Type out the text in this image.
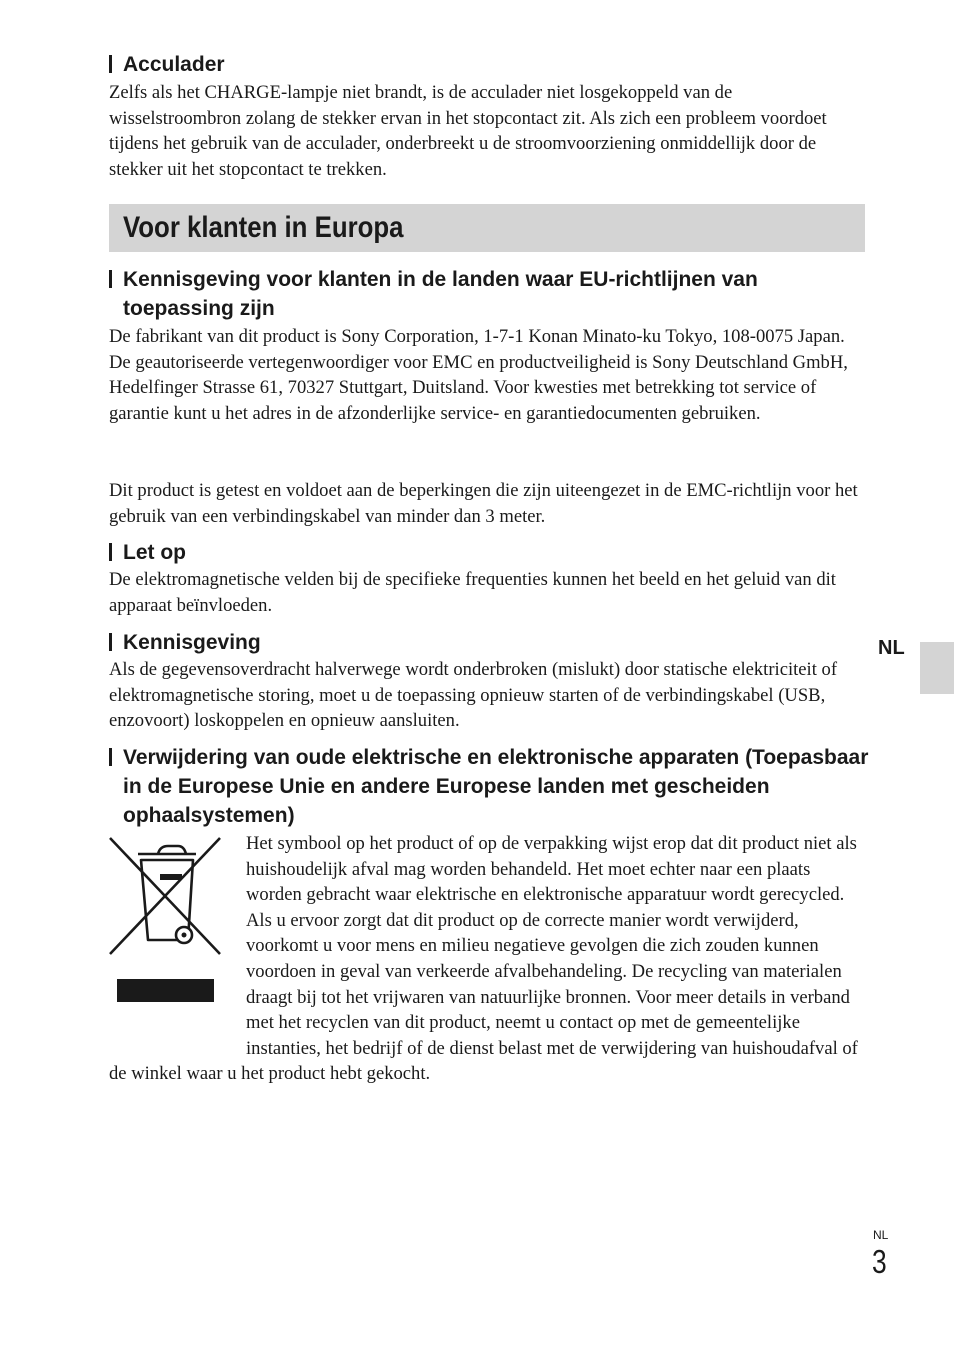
Acculader

Zelfs als het CHARGE-lampje niet brandt, is de acculader niet losgekoppeld van de wisselstroombron zolang de stekker ervan in het stopcontact zit. Als zich een probleem voordoet tijdens het gebruik van de acculader, onderbreekt u de stroomvoorziening onmiddellijk door de stekker uit het stopcontact te trekken.

Voor klanten in Europa
Kennisgeving voor klanten in de landen waar EU-richtlijnen van toepassing zijn

De fabrikant van dit product is Sony Corporation, 1-7-1 Konan Minato-ku Tokyo, 108-0075 Japan. De geautoriseerde vertegenwoordiger voor EMC en productveiligheid is Sony Deutschland GmbH, Hedelfinger Strasse 61, 70327 Stuttgart, Duitsland. Voor kwesties met betrekking tot service of garantie kunt u het adres in de afzonderlijke service- en garantiedocumenten gebruiken.

Dit product is getest en voldoet aan de beperkingen die zijn uiteengezet in de EMC-richtlijn voor het gebruik van een verbindingskabel van minder dan 3 meter.

Let op

De elektromagnetische velden bij de specifieke frequenties kunnen het beeld en het geluid van dit apparaat beïnvloeden.

Kennisgeving

Als de gegevensoverdracht halverwege wordt onderbroken (mislukt) door statische elektriciteit of elektromagnetische storing, moet u de toepassing opnieuw starten of de verbindingskabel (USB, enzovoort) loskoppelen en opnieuw aansluiten.

Verwijdering van oude elektrische en elektronische apparaten (Toepasbaar in de Europese Unie en andere Europese landen met gescheiden ophaalsystemen)
Het symbool op het product of op de verpakking wijst erop dat dit product niet als huishoudelijk afval mag worden behandeld. Het moet echter naar een plaats worden gebracht waar elektrische en elektronische apparatuur wordt gerecycled. Als u ervoor zorgt dat dit product op de correcte manier wordt verwijderd, voorkomt u voor mens en milieu negatieve gevolgen die zich zouden kunnen voordoen in geval van verkeerde afvalbehandeling. De recycling van materialen draagt bij tot het vrijwaren van natuurlijke bronnen. Voor meer details in verband met het recyclen van dit product, neemt u contact op met de gemeentelijke instanties, het bedrijf of de dienst belast met de verwijdering van huishoudafval of de winkel waar u het product hebt gekocht.
NL
NL
3
